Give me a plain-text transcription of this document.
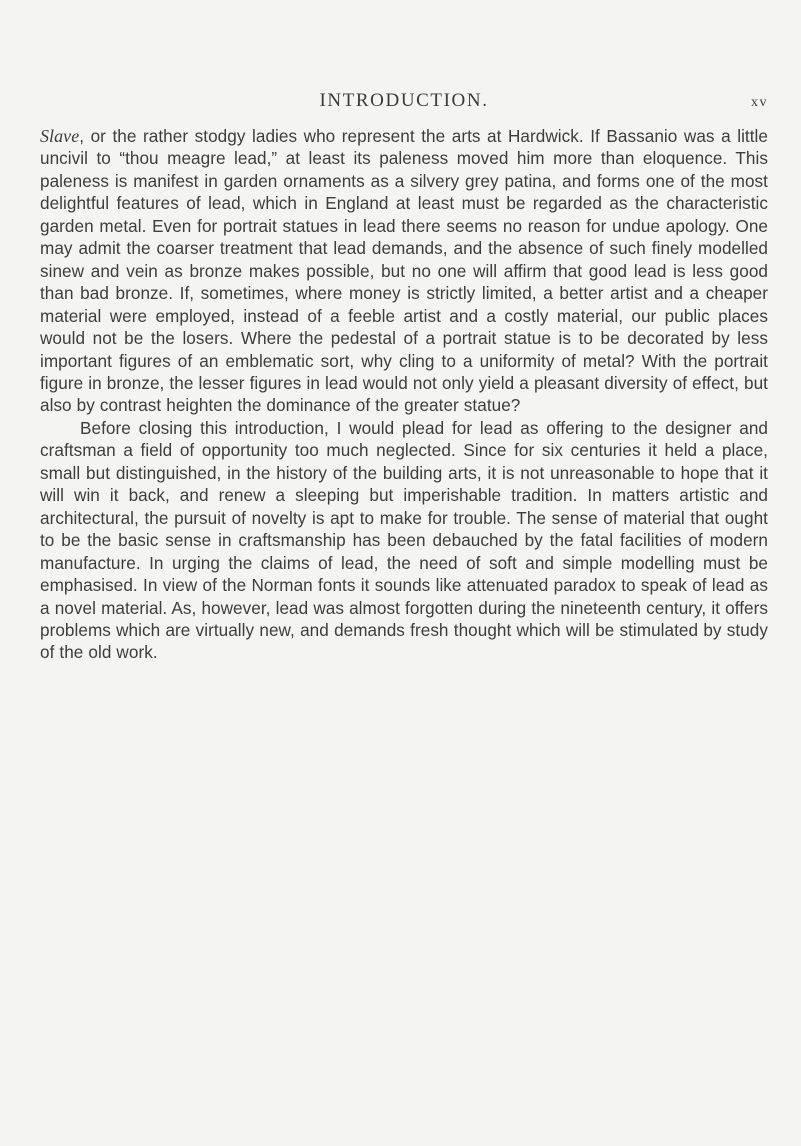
INTRODUCTION.	xv

Slave, or the rather stodgy ladies who represent the arts at Hardwick. If Bassanio was a little uncivil to “thou meagre lead,” at least its paleness moved him more than eloquence. This paleness is manifest in garden ornaments as a silvery grey patina, and forms one of the most delightful features of lead, which in England at least must be regarded as the characteristic garden metal. Even for portrait statues in lead there seems no reason for undue apology. One may admit the coarser treatment that lead demands, and the absence of such finely modelled sinew and vein as bronze makes possible, but no one will affirm that good lead is less good than bad bronze. If, sometimes, where money is strictly limited, a better artist and a cheaper material were employed, instead of a feeble artist and a costly material, our public places would not be the losers. Where the pedestal of a portrait statue is to be decorated by less important figures of an emblematic sort, why cling to a uniformity of metal? With the portrait figure in bronze, the lesser figures in lead would not only yield a pleasant diversity of effect, but also by contrast heighten the dominance of the greater statue?

Before closing this introduction, I would plead for lead as offering to the designer and craftsman a field of opportunity too much neglected. Since for six centuries it held a place, small but distinguished, in the history of the building arts, it is not unreasonable to hope that it will win it back, and renew a sleeping but imperishable tradition. In matters artistic and architectural, the pursuit of novelty is apt to make for trouble. The sense of material that ought to be the basic sense in craftsmanship has been debauched by the fatal facilities of modern manufacture. In urging the claims of lead, the need of soft and simple modelling must be emphasised. In view of the Norman fonts it sounds like attenuated paradox to speak of lead as a novel material. As, however, lead was almost forgotten during the nineteenth century, it offers problems which are virtually new, and demands fresh thought which will be stimulated by study of the old work.
